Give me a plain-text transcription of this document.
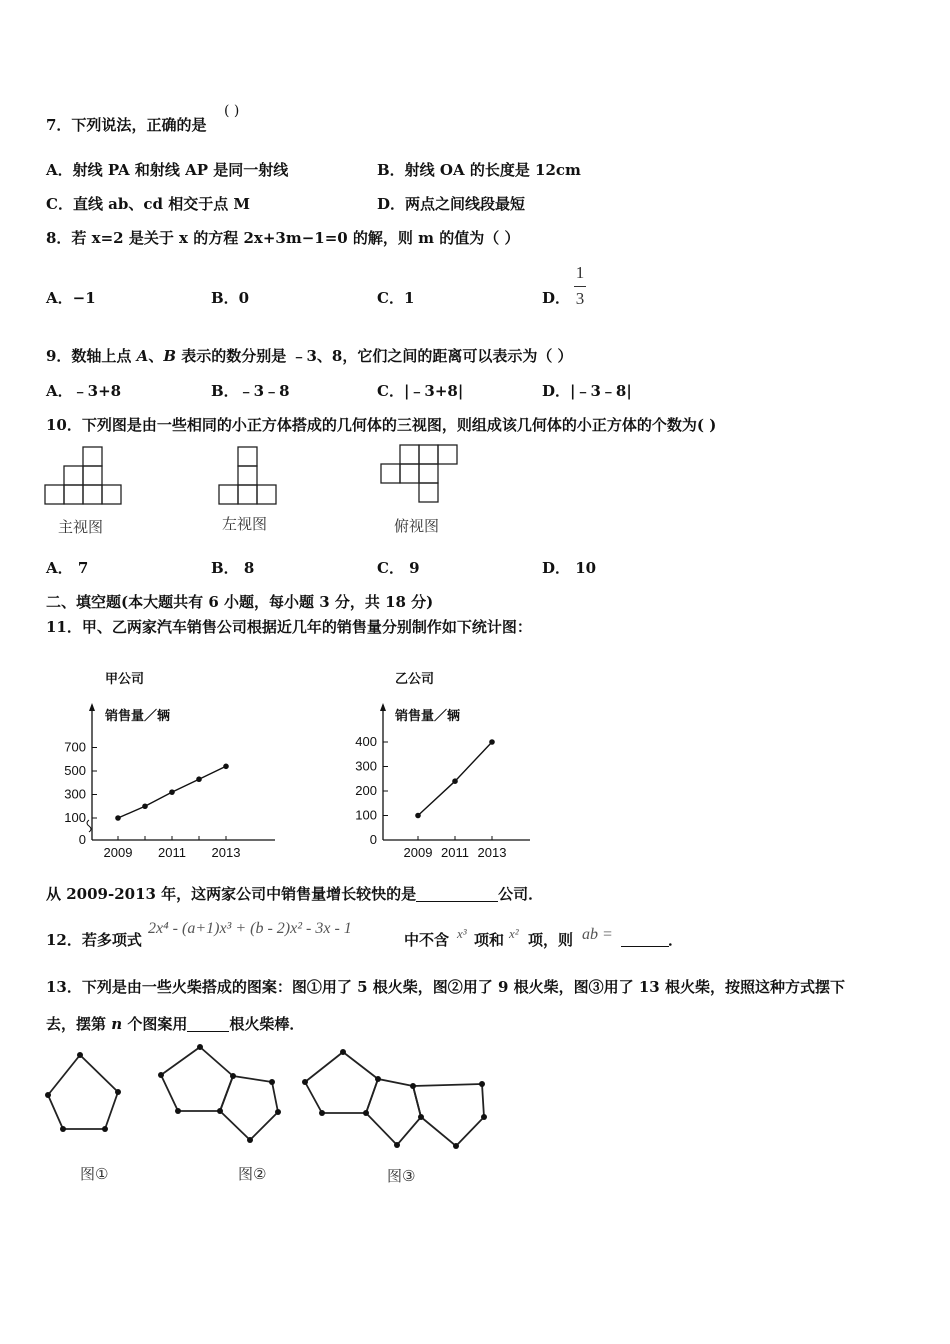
7．下列说法，正确的是
( )
A．射线 PA 和射线 AP 是同一射线	B．射线 OA 的长度是 12cm
C．直线 ab、cd 相交于点 M	D．两点之间线段最短
8．若 x=2 是关于 x 的方程 2x+3m−1=0 的解，则 m 的值为（ ）
A．−1	B．0	C．1	D．
1
3
9．数轴上点 A、B 表示的数分别是 ﹣3、8，它们之间的距离可以表示为（ ）
A．﹣3+8	B．﹣3﹣8	C．|﹣3+8|	D．|﹣3﹣8|
10．下列图是由一些相同的小正方体搭成的几何体的三视图，则组成该几何体的小正方体的个数为( )
主视图	左视图	俯视图
A． 7	B． 8	C． 9	D． 10
二、填空题(本大题共有 6 小题，每小题 3 分，共 18 分)
11．甲、乙两家汽车销售公司根据近几年的销售量分别制作如下统计图：
甲公司
销售量／辆
0
100
300
500
700
2009 2011 2013
乙公司
销售量／辆
0
100
200
300
400
2009 2011 2013
从 2009-2013 年，这两家公司中销售量增长较快的是	公司．
12．若多项式
2x⁴ - (a+1)x³ + (b - 2)x² - 3x - 1
中不含 x³ 项和 x² 项，则 ab =	．
13．下列是由一些火柴搭成的图案：图①用了 5 根火柴，图②用了 9 根火柴，图③用了 13 根火柴，按照这种方式摆下
去，摆第 n 个图案用	根火柴棒．
图①	图②	图③
